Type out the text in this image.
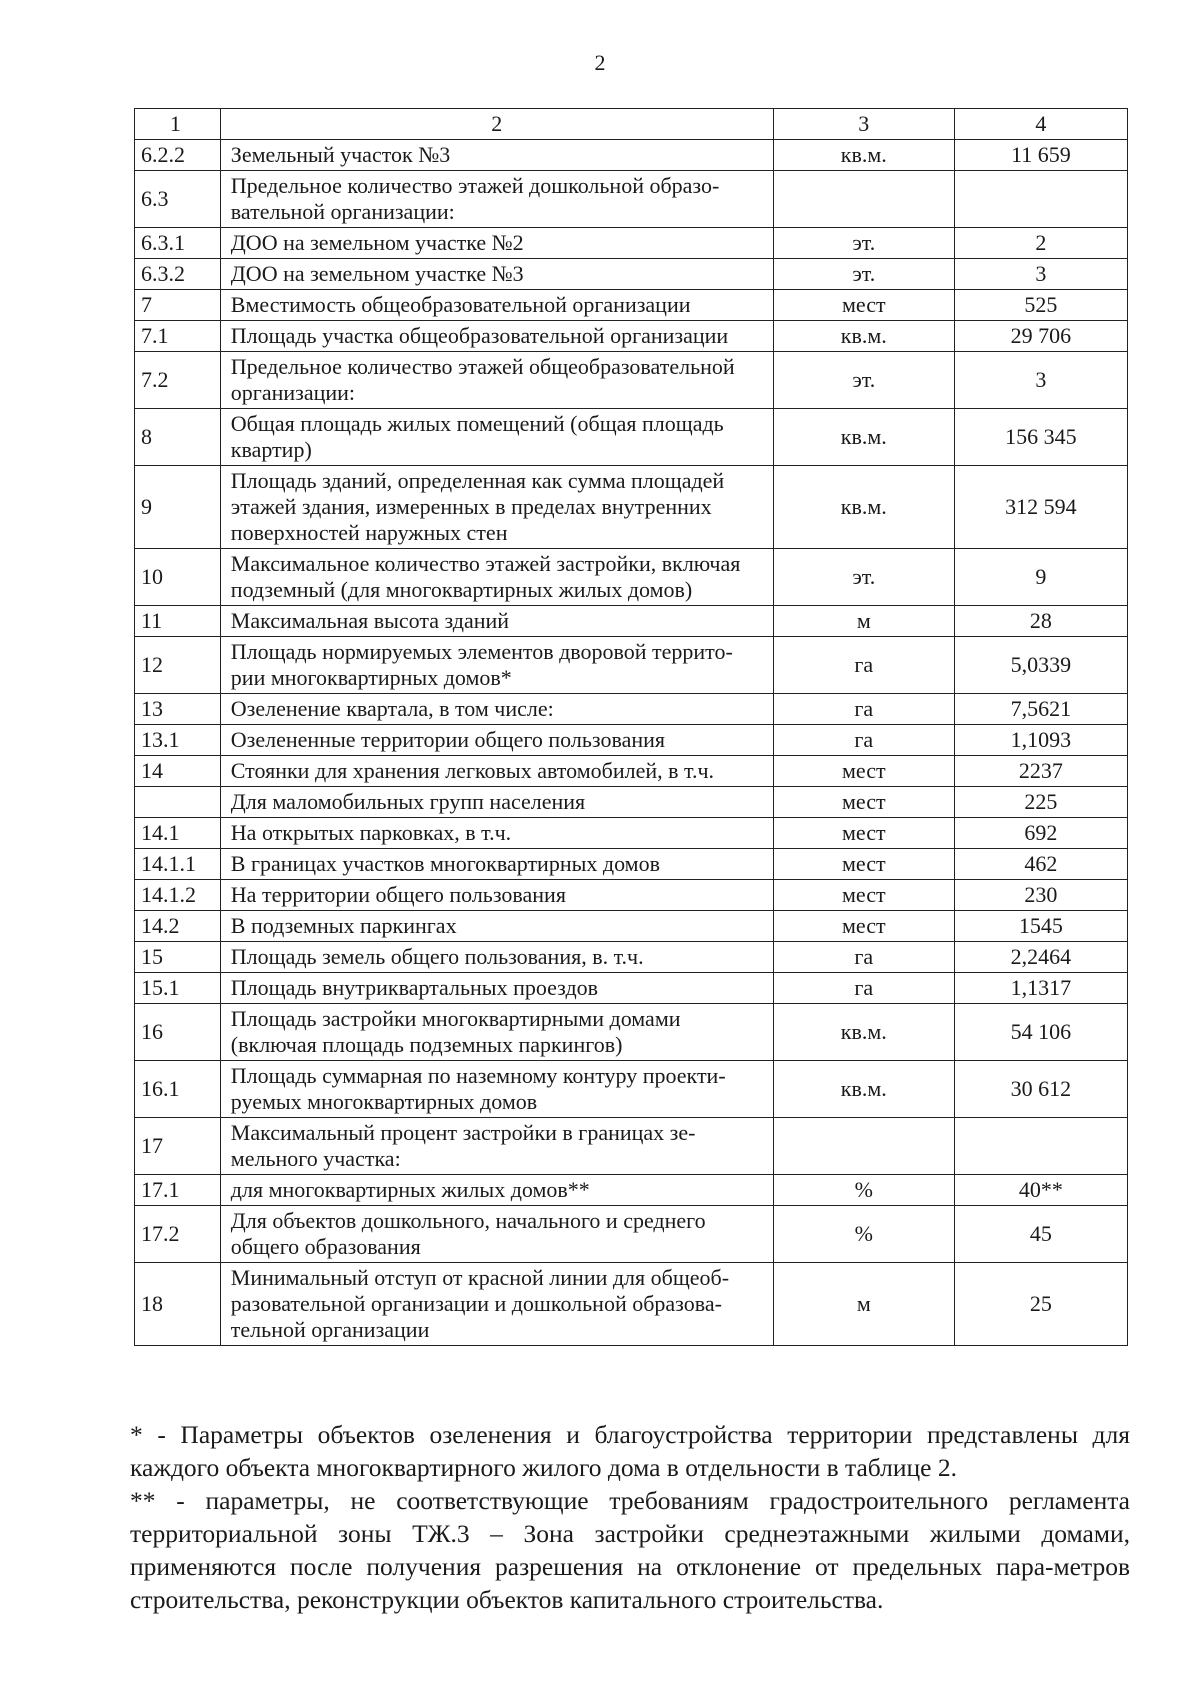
2
1	2	3	4
6.2.2	Земельный участок №3	кв.м.	11 659
6.3	Предельное количество этажей дошкольной образо-вательной организации:		
6.3.1	ДОО на земельном участке №2	эт.	2
6.3.2	ДОО на земельном участке №3	эт.	3
7	Вместимость общеобразовательной организации	мест	525
7.1	Площадь участка общеобразовательной организации	кв.м.	29 706
7.2	Предельное количество этажей общеобразовательной организации:	эт.	3
8	Общая площадь жилых помещений (общая площадь квартир)	кв.м.	156 345
9	Площадь зданий, определенная как сумма площадей этажей здания, измеренных в пределах внутренних поверхностей наружных стен	кв.м.	312 594
10	Максимальное количество этажей застройки, включая подземный (для многоквартирных жилых домов)	эт.	9
11	Максимальная высота зданий	м	28
12	Площадь нормируемых элементов дворовой террито-рии многоквартирных домов*	га	5,0339
13	Озеленение квартала, в том числе:	га	7,5621
13.1	Озелененные территории общего пользования	га	1,1093
14	Стоянки для хранения легковых автомобилей, в т.ч.	мест	2237
	Для маломобильных групп населения	мест	225
14.1	На открытых парковках, в т.ч.	мест	692
14.1.1	В границах участков многоквартирных домов	мест	462
14.1.2	На территории общего пользования	мест	230
14.2	В подземных паркингах	мест	1545
15	Площадь земель общего пользования, в. т.ч.	га	2,2464
15.1	Площадь внутриквартальных проездов	га	1,1317
16	Площадь застройки многоквартирными домами (включая площадь подземных паркингов)	кв.м.	54 106
16.1	Площадь суммарная по наземному контуру проекти-руемых многоквартирных домов	кв.м.	30 612
17	Максимальный процент застройки в границах зе-мельного участка:		
17.1	для многоквартирных жилых домов**	%	40**
17.2	Для объектов дошкольного, начального и среднего общего образования	%	45
18	Минимальный отступ от красной линии для общеоб-разовательной организации и дошкольной образова-тельной организации	м	25

* - Параметры объектов озеленения и благоустройства территории представлены для каждого объекта многоквартирного жилого дома в отдельности в таблице 2.

** - параметры, не соответствующие требованиям градостроительного регламента территориальной зоны ТЖ.3 – Зона застройки среднеэтажными жилыми домами, применяются после получения разрешения на отклонение от предельных пара-метров строительства, реконструкции объектов капитального строительства.
